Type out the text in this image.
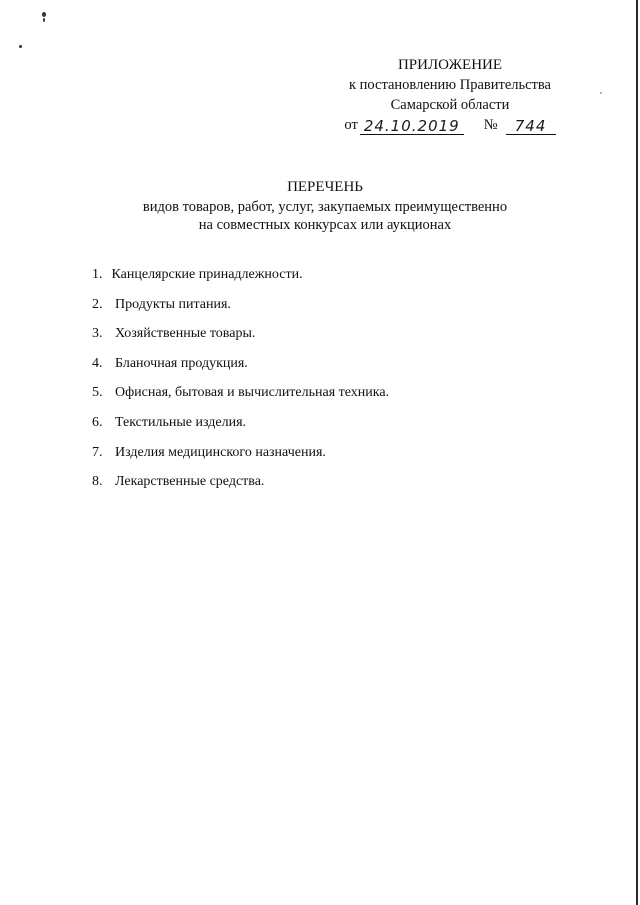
ПРИЛОЖЕНИЕ
к постановлению Правительства
Самарской области
от 24.10.2019 №	744
ПЕРЕЧЕНЬ
видов товаров, работ, услуг, закупаемых преимущественно
на совместных конкурсах или аукционах
1. Канцелярские принадлежности.
2. Продукты питания.
3. Хозяйственные товары.
4. Бланочная продукция.
5. Офисная, бытовая и вычислительная техника.
6. Текстильные изделия.
7. Изделия медицинского назначения.
8. Лекарственные средства.
